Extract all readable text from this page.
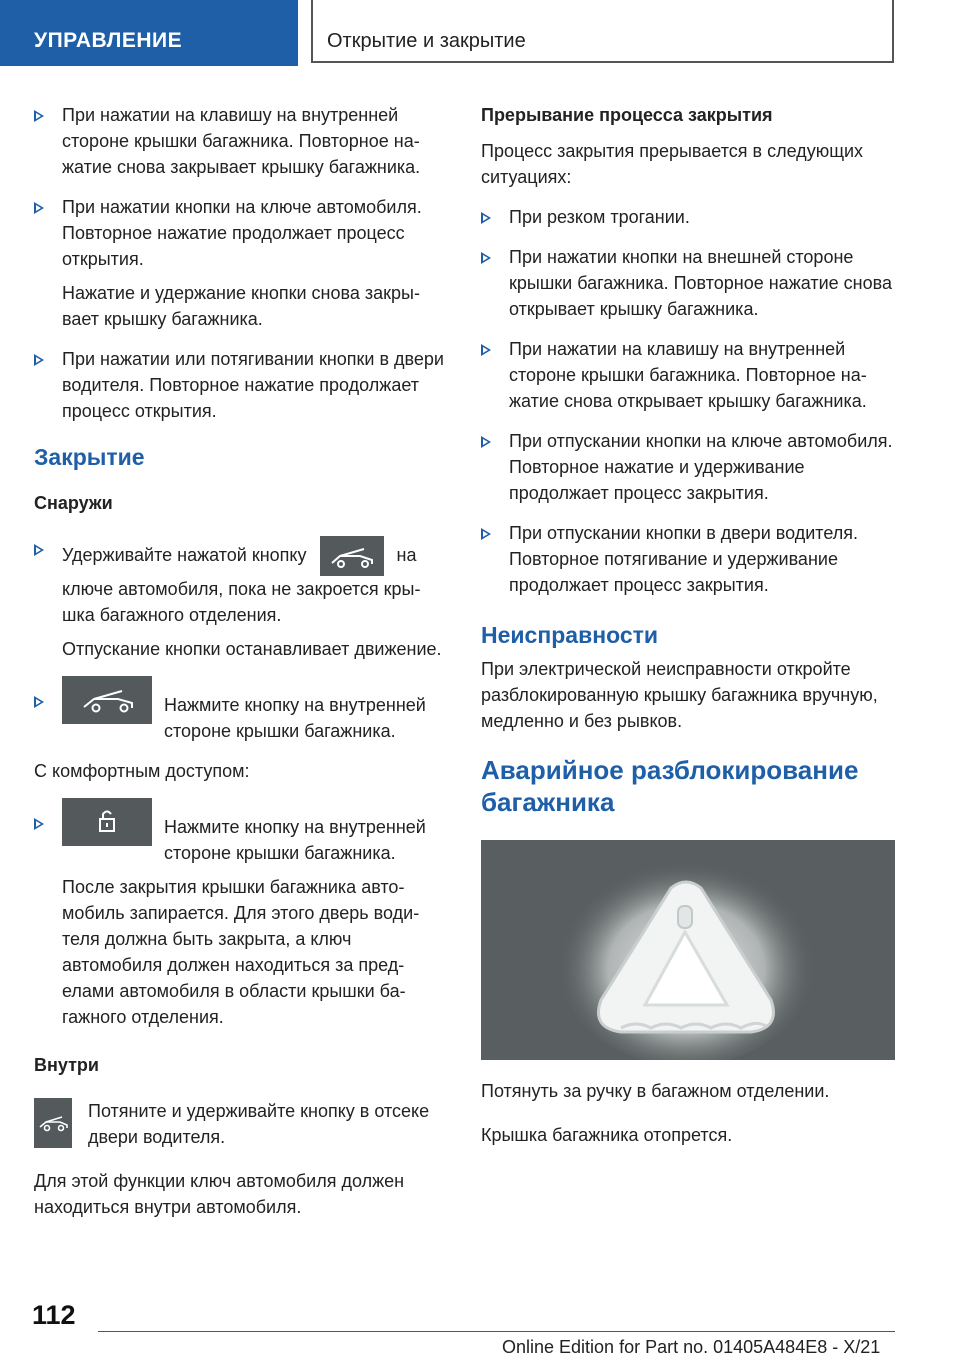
УПРАВЛЕНИЕ	Открытие и закрытие

При нажатии на клавишу на внутренней стороне крышки багажника. Повторное нажатие снова закрывает крышку багажника.

При нажатии кнопки на ключе автомобиля. Повторное нажатие продолжает процесс открытия.

Нажатие и удержание кнопки снова закрывает крышку багажника.

При нажатии или потягивании кнопки в двери водителя. Повторное нажатие продолжает процесс открытия.

Закрытие
Снаружи

Удерживайте нажатой кнопку	на ключе автомобиля, пока не закроется крышка багажного отделения.

Отпускание кнопки останавливает движение.

Нажмите кнопку на внутренней стороне крышки багажника.

С комфортным доступом:

Нажмите кнопку на внутренней стороне крышки багажника.

После закрытия крышки багажника автомобиль запирается. Для этого дверь водителя должна быть закрыта, а ключ автомобиля должен находиться за пределами автомобиля в области крышки багажного отделения.

Внутри

Потяните и удерживайте кнопку в отсеке двери водителя.

Для этой функции ключ автомобиля должен находиться внутри автомобиля.

Прерывание процесса закрытия

Процесс закрытия прерывается в следующих ситуациях:

При резком трогании.

При нажатии кнопки на внешней стороне крышки багажника. Повторное нажатие снова открывает крышку багажника.

При нажатии на клавишу на внутренней стороне крышки багажника. Повторное нажатие снова открывает крышку багажника.

При отпускании кнопки на ключе автомобиля. Повторное нажатие и удерживание продолжает процесс закрытия.

При отпускании кнопки в двери водителя. Повторное потягивание и удерживание продолжает процесс закрытия.

Неисправности

При электрической неисправности откройте разблокированную крышку багажника вручную, медленно и без рывков.

Аварийное разблокирование багажника

Потянуть за ручку в багажном отделении.

Крышка багажника отопрется.

112
Online Edition for Part no. 01405A484E8 - X/21
